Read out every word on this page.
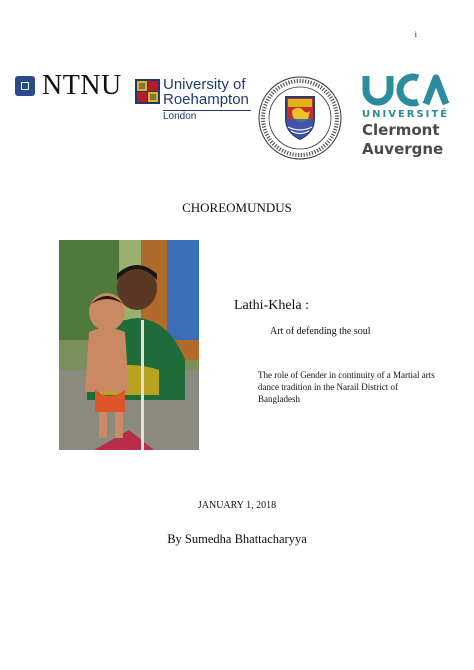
i
NTNU	University of
Roehampton
London	UNIVERSITÉ
Clermont
Auvergne
CHOREOMUNDUS
Lathi-Khela :
Art of defending the soul
The role of Gender in continuity of a Martial arts dance tradition in the Narail District of Bangladesh
JANUARY 1, 2018
By Sumedha Bhattacharyya
